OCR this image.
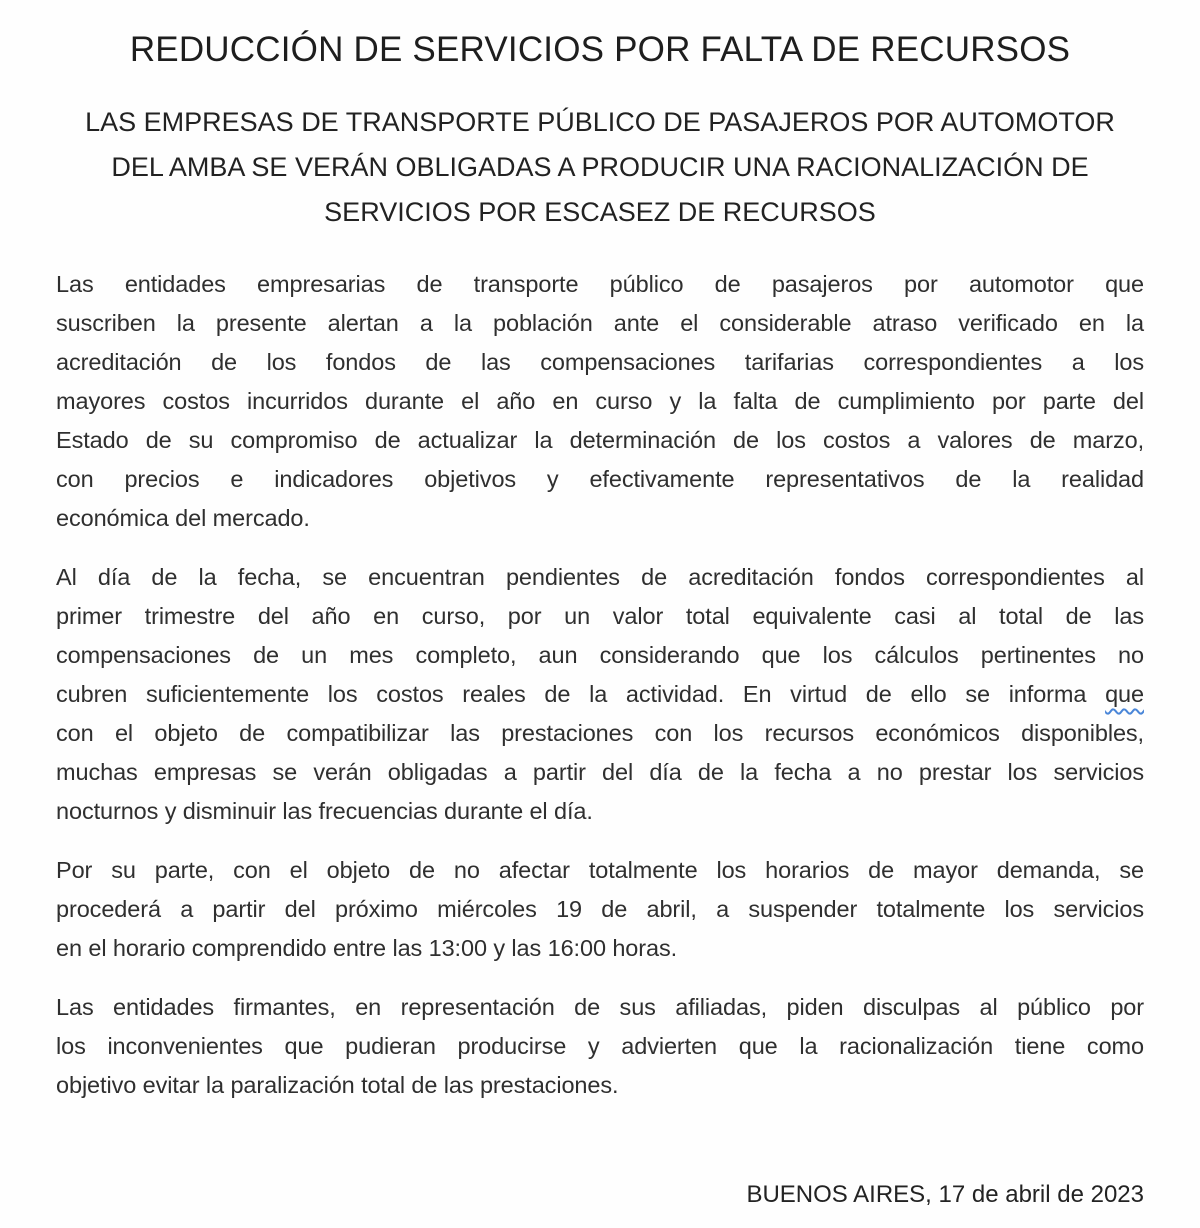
REDUCCIÓN DE SERVICIOS POR FALTA DE RECURSOS
LAS EMPRESAS DE TRANSPORTE PÚBLICO DE PASAJEROS POR AUTOMOTOR
DEL AMBA SE VERÁN OBLIGADAS A PRODUCIR UNA RACIONALIZACIÓN DE
SERVICIOS POR ESCASEZ DE RECURSOS
Las entidades empresarias de transporte público de pasajeros por automotor que
suscriben la presente alertan a la población ante el considerable atraso verificado en la
acreditación de los fondos de las compensaciones tarifarias correspondientes a los
mayores costos incurridos durante el año en curso y la falta de cumplimiento por parte del
Estado de su compromiso de actualizar la determinación de los costos a valores de marzo,
con precios e indicadores objetivos y efectivamente representativos de la realidad
económica del mercado.
Al día de la fecha, se encuentran pendientes de acreditación fondos correspondientes al
primer trimestre del año en curso, por un valor total equivalente casi al total de las
compensaciones de un mes completo, aun considerando que los cálculos pertinentes no
cubren suficientemente los costos reales de la actividad. En virtud de ello se informa que
con el objeto de compatibilizar las prestaciones con los recursos económicos disponibles,
muchas empresas se verán obligadas a partir del día de la fecha a no prestar los servicios
nocturnos y disminuir las frecuencias durante el día.
Por su parte, con el objeto de no afectar totalmente los horarios de mayor demanda, se
procederá a partir del próximo miércoles 19 de abril, a suspender totalmente los servicios
en el horario comprendido entre las 13:00 y las 16:00 horas.
Las entidades firmantes, en representación de sus afiliadas, piden disculpas al público por
los inconvenientes que pudieran producirse y advierten que la racionalización tiene como
objetivo evitar la paralización total de las prestaciones.
BUENOS AIRES, 17 de abril de 2023
